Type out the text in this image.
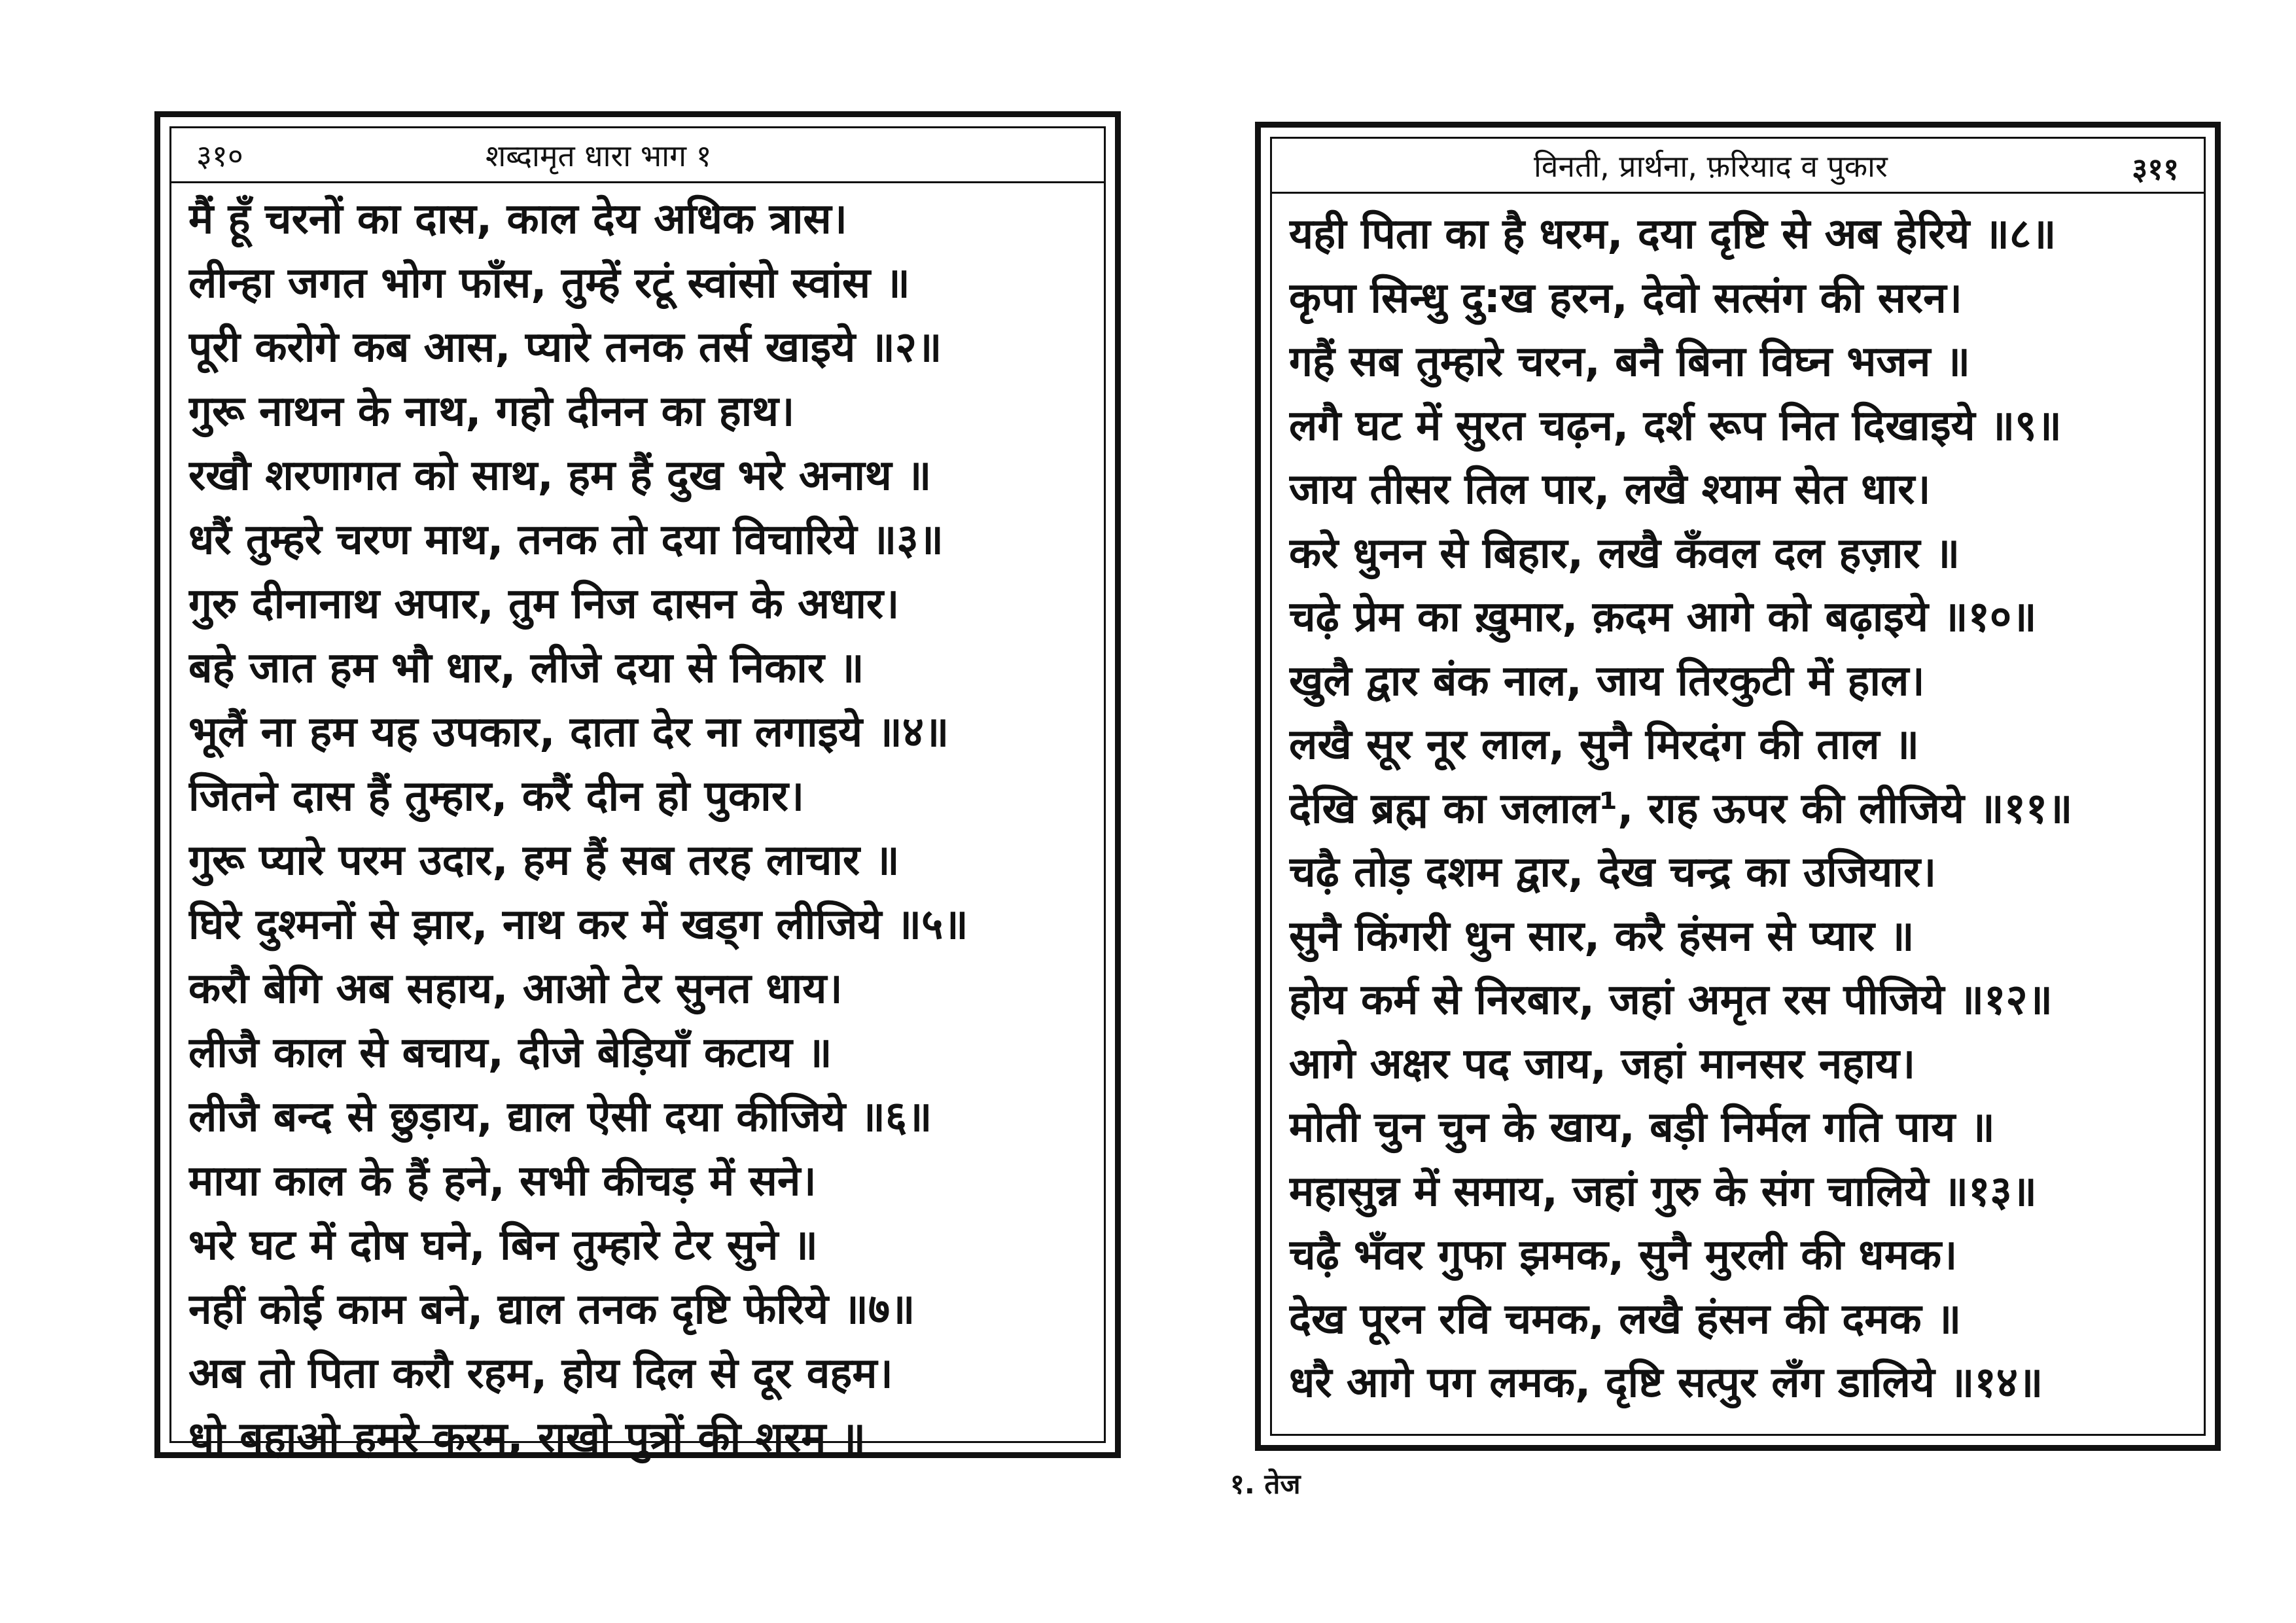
३१०	शब्दामृत धारा भाग १
मैं हूँ चरनों का दास, काल देय अधिक त्रास।
लीन्हा जगत भोग फाँस, तुम्हें रटूं स्वांसो स्वांस ॥
पूरी करोगे कब आस, प्यारे तनक तर्स खाइये ॥२॥
गुरू नाथन के नाथ, गहो दीनन का हाथ।
रखौ शरणागत को साथ, हम हैं दुख भरे अनाथ ॥
धरैं तुम्हरे चरण माथ, तनक तो दया विचारिये ॥३॥
गुरु दीनानाथ अपार, तुम निज दासन के अधार।
बहे जात हम भौ धार, लीजे दया से निकार ॥
भूलैं ना हम यह उपकार, दाता देर ना लगाइये ॥४॥
जितने दास हैं तुम्हार, करैं दीन हो पुकार।
गुरू प्यारे परम उदार, हम हैं सब तरह लाचार ॥
घिरे दुश्मनों से झार, नाथ कर में खड्ग लीजिये ॥५॥
करौ बेगि अब सहाय, आओ टेर सुनत धाय।
लीजै काल से बचाय, दीजे बेड़ियाँ कटाय ॥
लीजै बन्द से छुड़ाय, द्याल ऐसी दया कीजिये ॥६॥
माया काल के हैं हने, सभी कीचड़ में सने।
भरे घट में दोष घने, बिन तुम्हारे टेर सुने ॥
नहीं कोई काम बने, द्याल तनक दृष्टि फेरिये ॥७॥
अब तो पिता करौ रहम, होय दिल से दूर वहम।
धो बहाओ हमरे करम, राखो पुत्रों की शरम ॥
विनती, प्रार्थना, फ़रियाद व पुकार	३११
यही पिता का है धरम, दया दृष्टि से अब हेरिये ॥८॥
कृपा सिन्धु दु:ख हरन, देवो सत्संग की सरन।
गहैं सब तुम्हारे चरन, बनै बिना विघ्न भजन ॥
लगै घट में सुरत चढ़न, दर्श रूप नित दिखाइये ॥९॥
जाय तीसर तिल पार, लखै श्याम सेत धार।
करे धुनन से बिहार, लखै कँवल दल हज़ार ॥
चढ़े प्रेम का ख़ुमार, क़दम आगे को बढ़ाइये ॥१०॥
खुलै द्वार बंक नाल, जाय तिरकुटी में हाल।
लखै सूर नूर लाल, सुनै मिरदंग की ताल ॥
देखि ब्रह्म का जलाल¹, राह ऊपर की लीजिये ॥११॥
चढ़ै तोड़ दशम द्वार, देख चन्द्र का उजियार।
सुनै किंगरी धुन सार, करै हंसन से प्यार ॥
होय कर्म से निरबार, जहां अमृत रस पीजिये ॥१२॥
आगे अक्षर पद जाय, जहां मानसर नहाय।
मोती चुन चुन के खाय, बड़ी निर्मल गति पाय ॥
महासुन्न में समाय, जहां गुरु के संग चालिये ॥१३॥
चढ़ै भँवर गुफा झमक, सुनै मुरली की धमक।
देख पूरन रवि चमक, लखै हंसन की दमक ॥
धरै आगे पग लमक, दृष्टि सत्पुर लँग डालिये ॥१४॥
१. तेज
